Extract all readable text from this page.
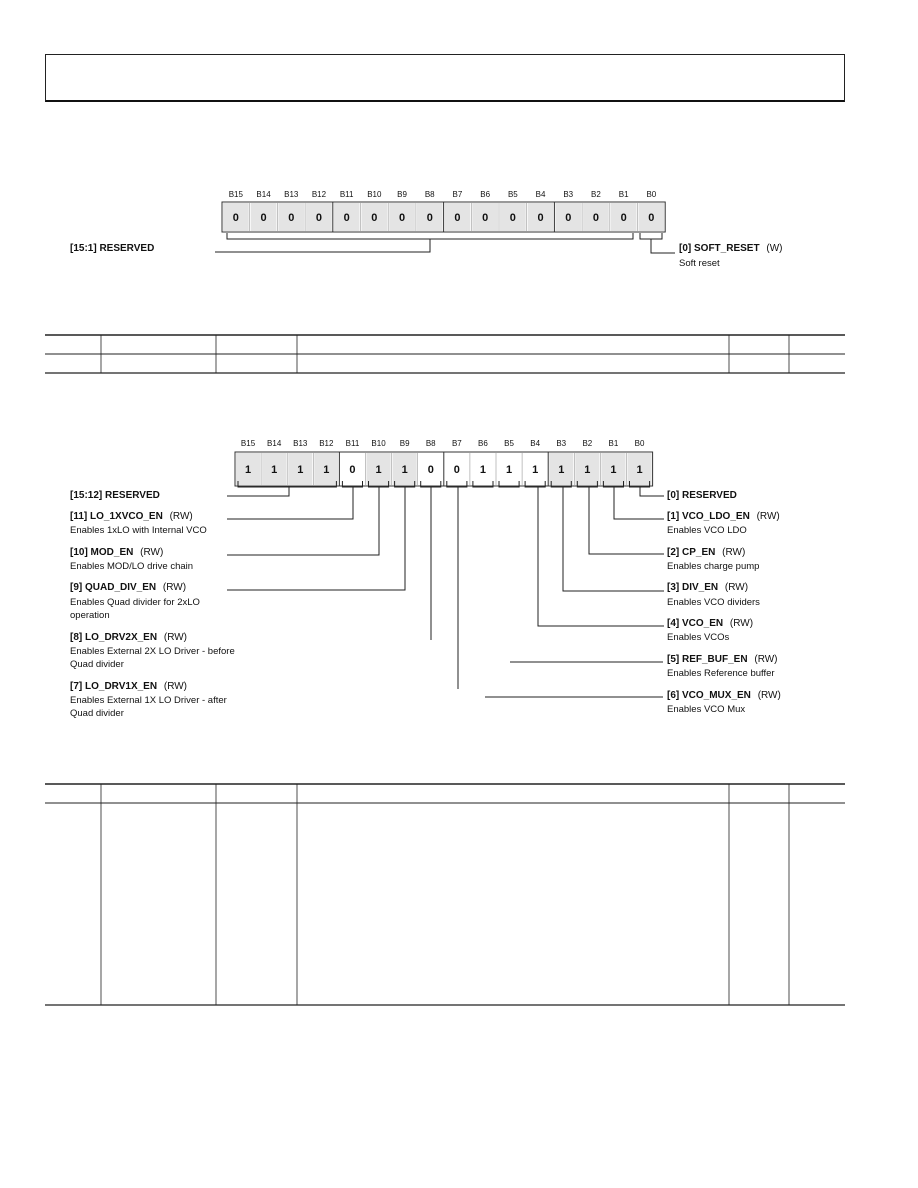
B15 B14 B13 B12 B11 B10 B9 B8 B7 B6 B5 B4 B3 B2 B1 B0
0 0 0 0 0 0 0 0 0 0 0 0 0 0 0 0
[15:1] RESERVED	[0] SOFT_RESET (W)
Soft reset
B15 B14 B13 B12 B11 B10 B9 B8 B7 B6 B5 B4 B3 B2 B1 B0
1 1 1 1 0 1 1 0 0 1 1 1 1 1 1 1
[15:12] RESERVED
[11] LO_1XVCO_EN (RW)
Enables 1xLO with Internal VCO
[10] MOD_EN (RW)
Enables MOD/LO drive chain
[9] QUAD_DIV_EN (RW)
Enables Quad divider for 2xLO
operation
[8] LO_DRV2X_EN (RW)
Enables External 2X LO Driver - before
Quad divider
[7] LO_DRV1X_EN (RW)
Enables External 1X LO Driver - after
Quad divider
[0] RESERVED
[1] VCO_LDO_EN (RW)
Enables VCO LDO
[2] CP_EN (RW)
Enables charge pump
[3] DIV_EN (RW)
Enables VCO dividers
[4] VCO_EN (RW)
Enables VCOs
[5] REF_BUF_EN (RW)
Enables Reference buffer
[6] VCO_MUX_EN (RW)
Enables VCO Mux
